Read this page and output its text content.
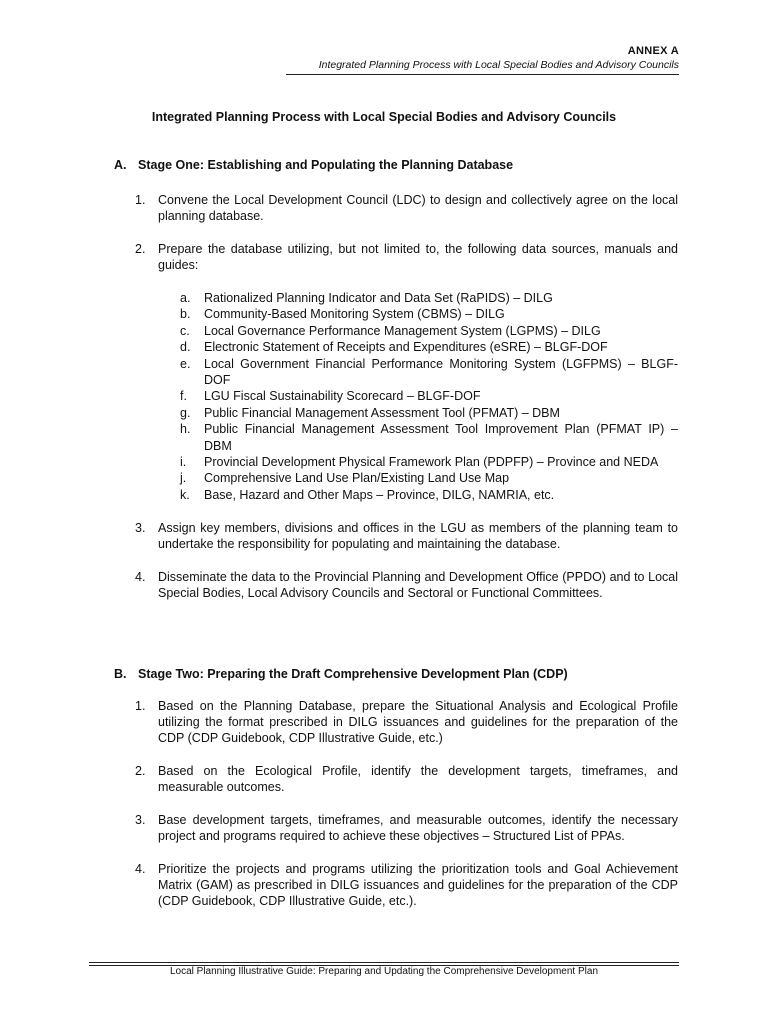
ANNEX A
Integrated Planning Process with Local Special Bodies and Advisory Councils
Integrated Planning Process with Local Special Bodies and Advisory Councils
A. Stage One: Establishing and Populating the Planning Database
1. Convene the Local Development Council (LDC) to design and collectively agree on the local planning database.
2. Prepare the database utilizing, but not limited to, the following data sources, manuals and guides:
a. Rationalized Planning Indicator and Data Set (RaPIDS) – DILG
b. Community-Based Monitoring System (CBMS) – DILG
c. Local Governance Performance Management System (LGPMS) – DILG
d. Electronic Statement of Receipts and Expenditures (eSRE) – BLGF-DOF
e. Local Government Financial Performance Monitoring System (LGFPMS) – BLGF-DOF
f. LGU Fiscal Sustainability Scorecard – BLGF-DOF
g. Public Financial Management Assessment Tool (PFMAT) – DBM
h. Public Financial Management Assessment Tool Improvement Plan (PFMAT IP) – DBM
i. Provincial Development Physical Framework Plan (PDPFP) – Province and NEDA
j. Comprehensive Land Use Plan/Existing Land Use Map
k. Base, Hazard and Other Maps – Province, DILG, NAMRIA, etc.
3. Assign key members, divisions and offices in the LGU as members of the planning team to undertake the responsibility for populating and maintaining the database.
4. Disseminate the data to the Provincial Planning and Development Office (PPDO) and to Local Special Bodies, Local Advisory Councils and Sectoral or Functional Committees.
B. Stage Two: Preparing the Draft Comprehensive Development Plan (CDP)
1. Based on the Planning Database, prepare the Situational Analysis and Ecological Profile utilizing the format prescribed in DILG issuances and guidelines for the preparation of the CDP (CDP Guidebook, CDP Illustrative Guide, etc.)
2. Based on the Ecological Profile, identify the development targets, timeframes, and measurable outcomes.
3. Base development targets, timeframes, and measurable outcomes, identify the necessary project and programs required to achieve these objectives – Structured List of PPAs.
4. Prioritize the projects and programs utilizing the prioritization tools and Goal Achievement Matrix (GAM) as prescribed in DILG issuances and guidelines for the preparation of the CDP (CDP Guidebook, CDP Illustrative Guide, etc.).
Local Planning Illustrative Guide: Preparing and Updating the Comprehensive Development Plan
